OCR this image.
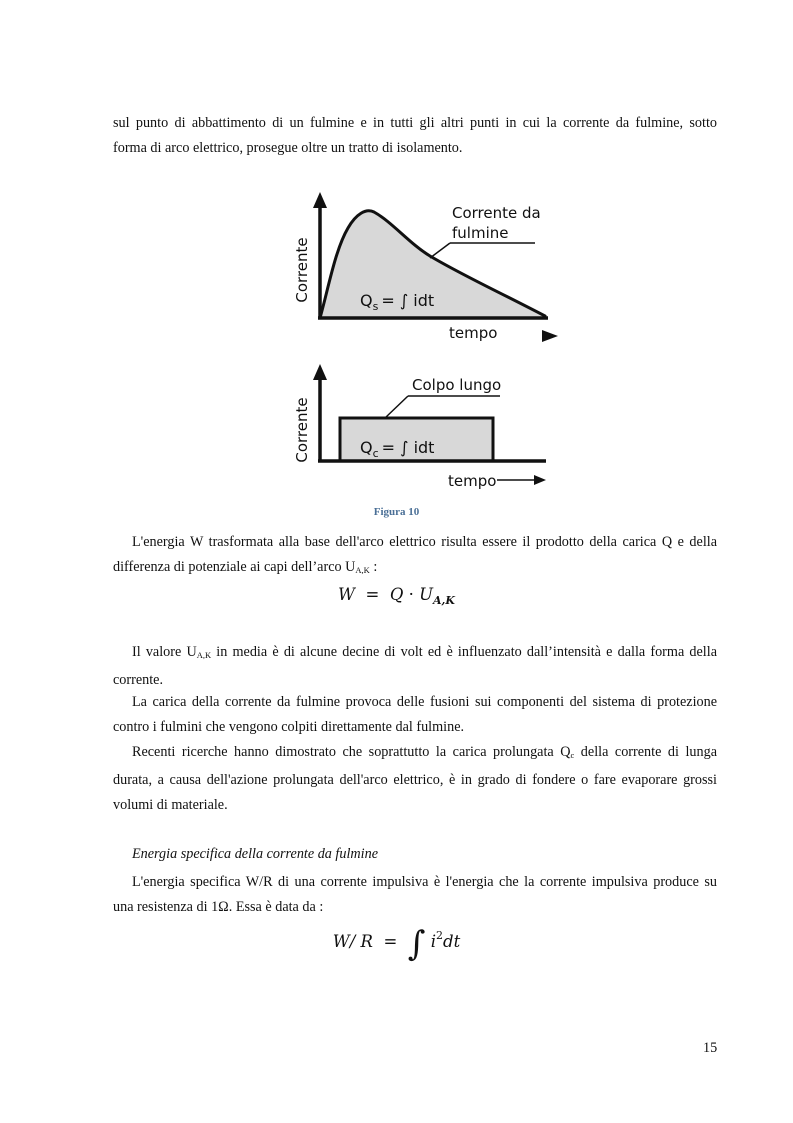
sul punto di abbattimento di un fulmine e in tutti gli altri punti in cui la corrente da fulmine, sotto
forma di arco elettrico, prosegue oltre un tratto di isolamento.

Corrente
tempo
Corrente da
fulmine
$Q_s$ = ∫ idt
Corrente
tempo
Colpo lungo
$Q_c$ = ∫ idt
Figura 10

L'energia W trasformata alla base dell'arco elettrico risulta essere il prodotto della carica Q e della
differenza di potenziale ai capi dell’arco $U_{A,K}$ :

$W = Q \cdot U_{A,K}$

Il valore $U_{A,K}$ in media è di alcune decine di volt ed è influenzato dall’intensità e dalla forma della
corrente.

La carica della corrente da fulmine provoca delle fusioni sui componenti del sistema di protezione
contro i fulmini che vengono colpiti direttamente dal fulmine.

Recenti ricerche hanno dimostrato che soprattutto la carica prolungata $Q_c$ della corrente di lunga
durata, a causa dell'azione prolungata dell'arco elettrico, è in grado di fondere o fare evaporare grossi
volumi di materiale.

Energia specifica della corrente da fulmine

L'energia specifica W/R di una corrente impulsiva è l'energia che la corrente impulsiva produce su
una resistenza di 1Ω. Essa è data da :

W/ R = ∫ $i^2dt$
15
